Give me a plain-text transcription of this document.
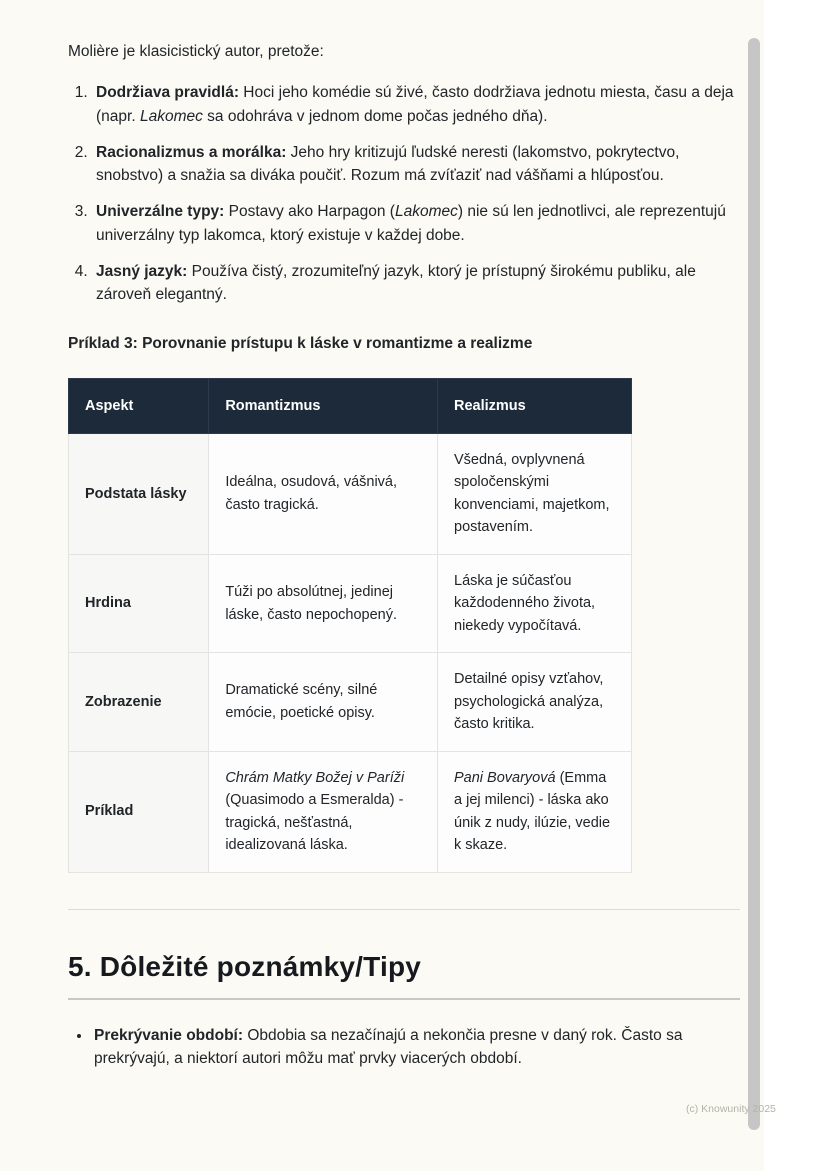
Molière je klasicistický autor, pretože:

1. Dodržiava pravidlá: Hoci jeho komédie sú živé, často dodržiava jednotu miesta, času a deja (napr. Lakomec sa odohráva v jednom dome počas jedného dňa).
2. Racionalizmus a morálka: Jeho hry kritizujú ľudské neresti (lakomstvo, pokrytectvo, snobstvo) a snažia sa diváka poučiť. Rozum má zvíťaziť nad vášňami a hlúposťou.
3. Univerzálne typy: Postavy ako Harpagon (Lakomec) nie sú len jednotlivci, ale reprezentujú univerzálny typ lakomca, ktorý existuje v každej dobe.
4. Jasný jazyk: Používa čistý, zrozumiteľný jazyk, ktorý je prístupný širokému publiku, ale zároveň elegantný.

Príklad 3: Porovnanie prístupu k láske v romantizme a realizme

Aspekt	Romantizmus	Realizmus
Podstata lásky	Ideálna, osudová, vášnivá, často tragická.	Všedná, ovplyvnená spoločenskými konvenciami, majetkom, postavením.
Hrdina	Túži po absolútnej, jedinej láske, často nepochopený.	Láska je súčasťou každodenného života, niekedy vypočítavá.
Zobrazenie	Dramatické scény, silné emócie, poetické opisy.	Detailné opisy vzťahov, psychologická analýza, často kritika.
Príklad	Chrám Matky Božej v Paríži (Quasimodo a Esmeralda) - tragická, nešťastná, idealizovaná láska.	Pani Bovaryová (Emma a jej milenci) - láska ako únik z nudy, ilúzie, vedie k skaze.
5. Dôležité poznámky/Tipy
• Prekrývanie období: Obdobia sa nezačínajú a nekončia presne v daný rok. Často sa prekrývajú, a niektorí autori môžu mať prvky viacerých období.
(c) Knowunity 2025
